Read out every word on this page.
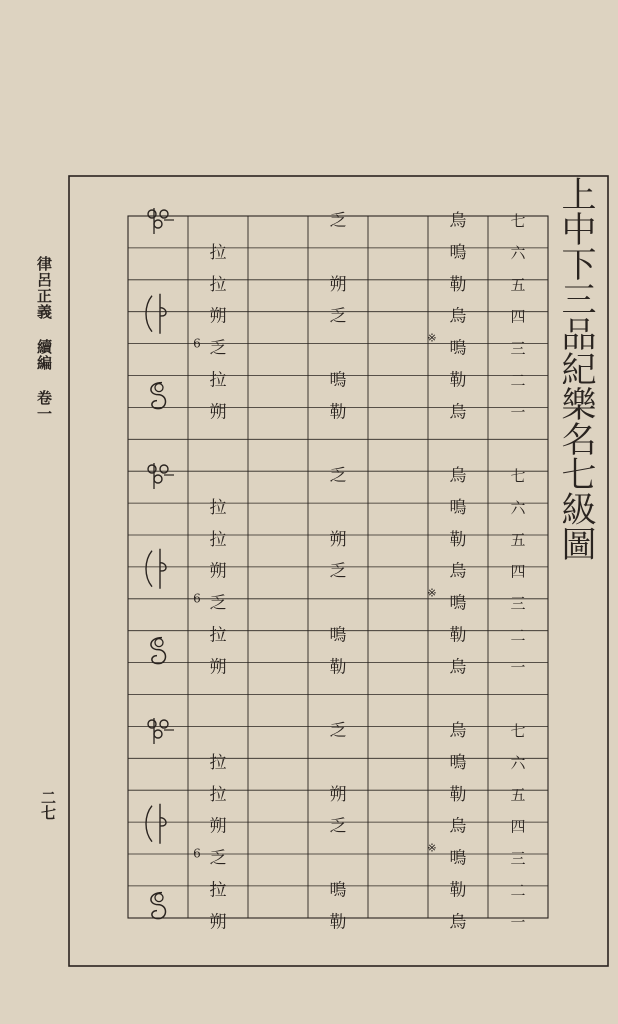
律呂正義 續編 卷一
二七
上中下三品紀樂名七級圖
七
烏
乏
六
鳴
五
勒
朔
四
烏
乏
三
鳴
二
勒
鳴
一
烏
勒
※
拉
拉
朔
乏
拉
朔
6
七
烏
乏
六
鳴
五
勒
朔
四
烏
乏
三
鳴
二
勒
鳴
一
烏
勒
※
拉
拉
朔
乏
拉
朔
6
七
烏
乏
六
鳴
五
勒
朔
四
烏
乏
三
鳴
二
勒
鳴
一
烏
勒
※
拉
拉
朔
乏
拉
朔
6
